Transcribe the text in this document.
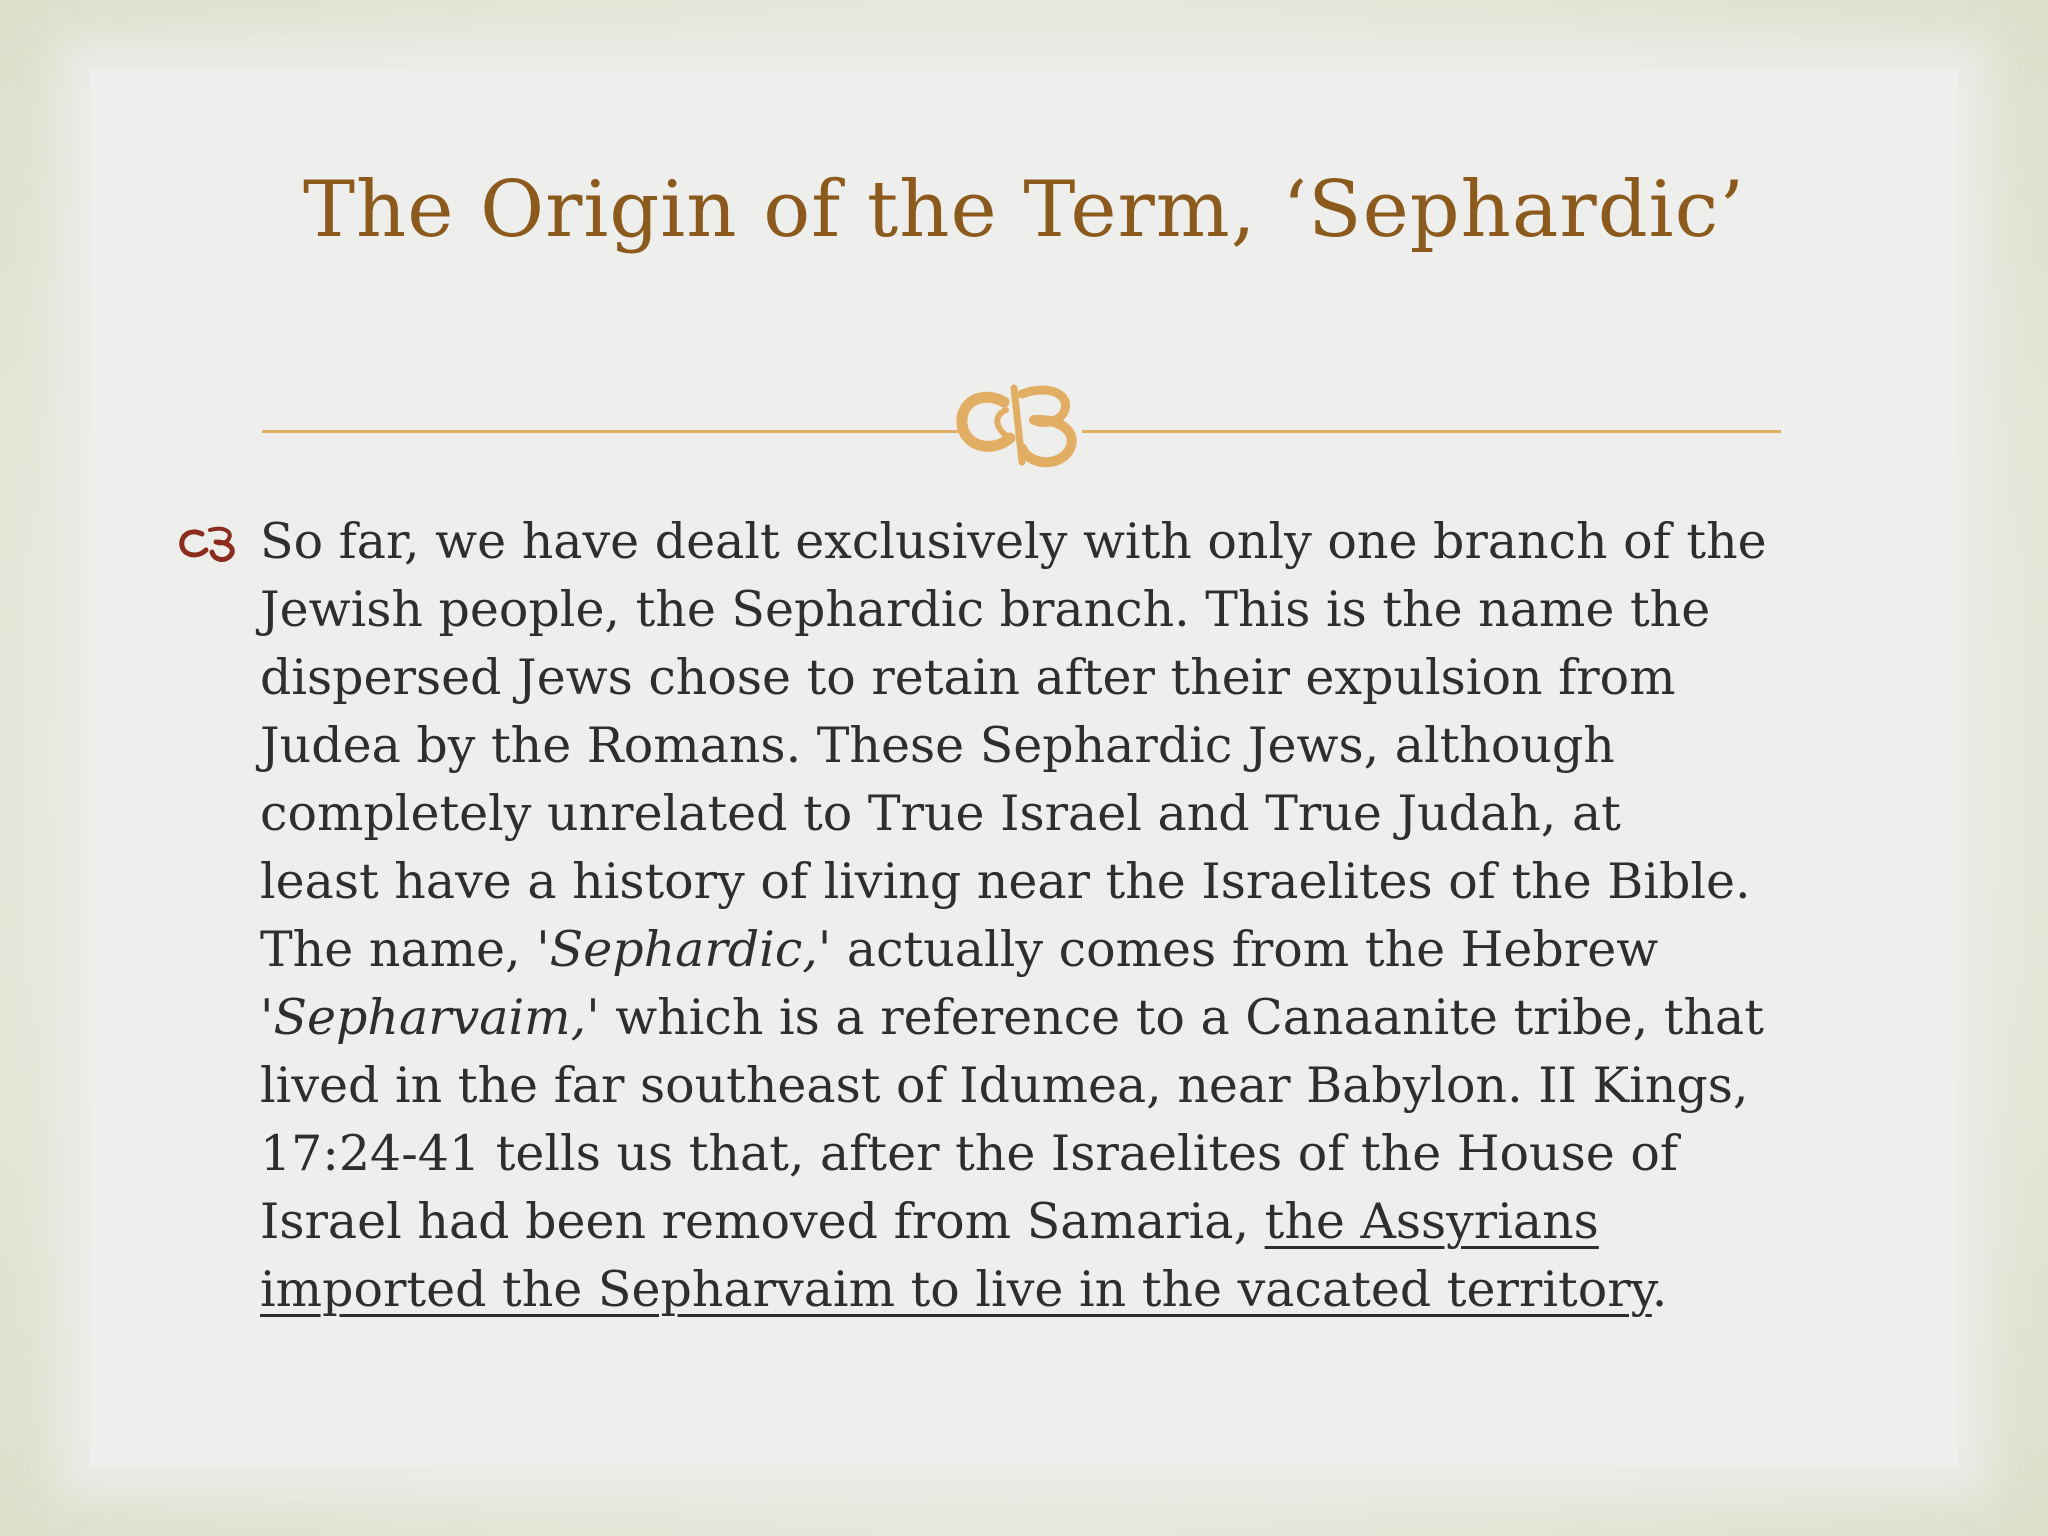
The Origin of the Term, ‘Sephardic’
So far, we have dealt exclusively with only one branch of the
Jewish people, the Sephardic branch. This is the name the
dispersed Jews chose to retain after their expulsion from
Judea by the Romans. These Sephardic Jews, although
completely unrelated to True Israel and True Judah, at
least have a history of living near the Israelites of the Bible.
The name, 'Sephardic,' actually comes from the Hebrew
'Sepharvaim,' which is a reference to a Canaanite tribe, that
lived in the far southeast of Idumea, near Babylon. II Kings,
17:24-41 tells us that, after the Israelites of the House of
Israel had been removed from Samaria, the Assyrians
imported the Sepharvaim to live in the vacated territory.
